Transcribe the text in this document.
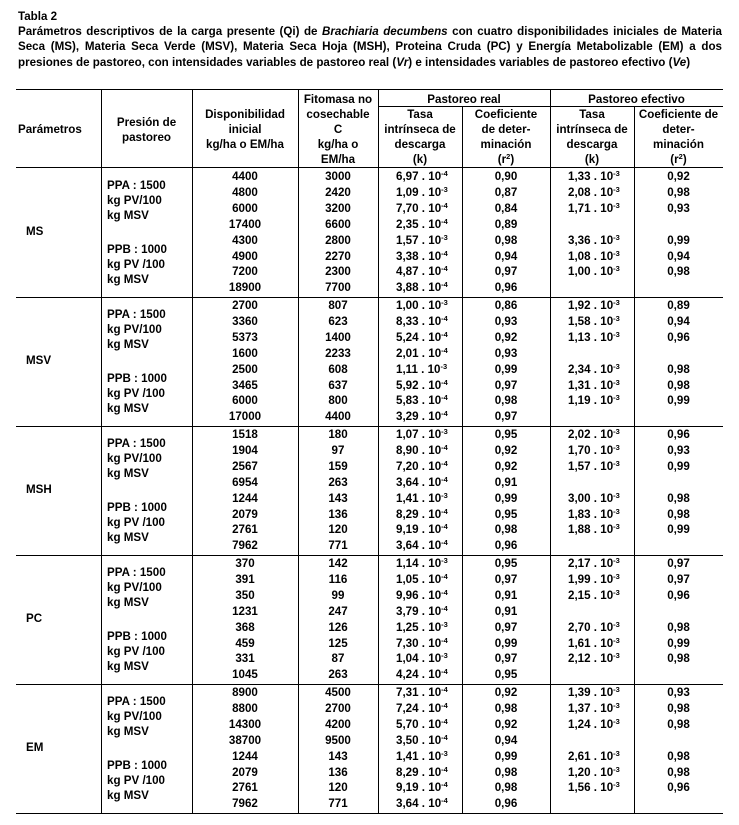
Tabla 2

Parámetros descriptivos de la carga presente (Qi) de Brachiaria decumbens con cuatro disponibilidades iniciales de Materia Seca (MS), Materia Seca Verde (MSV), Materia Seca Hoja (MSH), Proteina Cruda (PC) y Energía Metabolizable (EM) a dos presiones de pastoreo, con intensidades variables de pastoreo real (Vr) e intensidades variables de pastoreo efectivo (Ve)

Parámetros
Presión de
pastoreo
Disponibilidad
inicial
kg/ha o EM/ha
Fitomasa no
cosechable
C
kg/ha o
EM/ha
Pastoreo real	Pastoreo efectivo
Tasa
intrínseca de
descarga
(k)
Coeficiente
de deter-
minación
$(r^2)$
Tasa
intrínseca de
descarga
(k)
Coeficiente de
deter-
minación
$(r^2)$
MS
PPA : 1500
kg PV/100
kg MSV
PPB : 1000
kg PV /100
kg MSV
4400	3000	6,97 . $10^{-4}$	0,90	1,33 . $10^{-3}$	0,92
4800	2420	1,09 . $10^{-3}$	0,87	2,08 . $10^{-3}$	0,98
6000	3200	7,70 . $10^{-4}$	0,84	1,71 . $10^{-3}$	0,93
17400	6600	2,35 . $10^{-4}$	0,89
4300	2800	1,57 . $10^{-3}$	0,98	3,36 . $10^{-3}$	0,99
4900	2270	3,38 . $10^{-4}$	0,94	1,08 . $10^{-3}$	0,94
7200	2300	4,87 . $10^{-4}$	0,97	1,00 . $10^{-3}$	0,98
18900	7700	3,88 . $10^{-4}$	0,96
MSV
PPA : 1500
kg PV/100
kg MSV
PPB : 1000
kg PV /100
kg MSV
2700	807	1,00 . $10^{-3}$	0,86	1,92 . $10^{-3}$	0,89
3360	623	8,33 . $10^{-4}$	0,93	1,58 . $10^{-3}$	0,94
5373	1400	5,24 . $10^{-4}$	0,92	1,13 . $10^{-3}$	0,96
1600	2233	2,01 . $10^{-4}$	0,93
2500	608	1,11 . $10^{-3}$	0,99	2,34 . $10^{-3}$	0,98
3465	637	5,92 . $10^{-4}$	0,97	1,31 . $10^{-3}$	0,98
6000	800	5,83 . $10^{-4}$	0,98	1,19 . $10^{-3}$	0,99
17000	4400	3,29 . $10^{-4}$	0,97
MSH
PPA : 1500
kg PV/100
kg MSV
PPB : 1000
kg PV /100
kg MSV
1518	180	1,07 . $10^{-3}$	0,95	2,02 . $10^{-3}$	0,96
1904	97	8,90 . $10^{-4}$	0,92	1,70 . $10^{-3}$	0,93
2567	159	7,20 . $10^{-4}$	0,92	1,57 . $10^{-3}$	0,99
6954	263	3,64 . $10^{-4}$	0,91
1244	143	1,41 . $10^{-3}$	0,99	3,00 . $10^{-3}$	0,98
2079	136	8,29 . $10^{-4}$	0,95	1,83 . $10^{-3}$	0,98
2761	120	9,19 . $10^{-4}$	0,98	1,88 . $10^{-3}$	0,99
7962	771	3,64 . $10^{-4}$	0,96
PC
PPA : 1500
kg PV/100
kg MSV
PPB : 1000
kg PV /100
kg MSV
370	142	1,14 . $10^{-3}$	0,95	2,17 . $10^{-3}$	0,97
391	116	1,05 . $10^{-4}$	0,97	1,99 . $10^{-3}$	0,97
350	99	9,96 . $10^{-4}$	0,91	2,15 . $10^{-3}$	0,96
1231	247	3,79 . $10^{-4}$	0,91
368	126	1,25 . $10^{-3}$	0,97	2,70 . $10^{-3}$	0,98
459	125	7,30 . $10^{-4}$	0,99	1,61 . $10^{-3}$	0,99
331	87	1,04 . $10^{-3}$	0,97	2,12 . $10^{-3}$	0,98
1045	263	4,24 . $10^{-4}$	0,95
EM
PPA : 1500
kg PV/100
kg MSV
PPB : 1000
kg PV /100
kg MSV
8900	4500	7,31 . $10^{-4}$	0,92	1,39 . $10^{-3}$	0,93
8800	2700	7,24 . $10^{-4}$	0,98	1,37 . $10^{-3}$	0,98
14300	4200	5,70 . $10^{-4}$	0,92	1,24 . $10^{-3}$	0,98
38700	9500	3,50 . $10^{-4}$	0,94
1244	143	1,41 . $10^{-3}$	0,99	2,61 . $10^{-3}$	0,98
2079	136	8,29 . $10^{-4}$	0,98	1,20 . $10^{-3}$	0,98
2761	120	9,19 . $10^{-4}$	0,98	1,56 . $10^{-3}$	0,96
7962	771	3,64 . $10^{-4}$	0,96
